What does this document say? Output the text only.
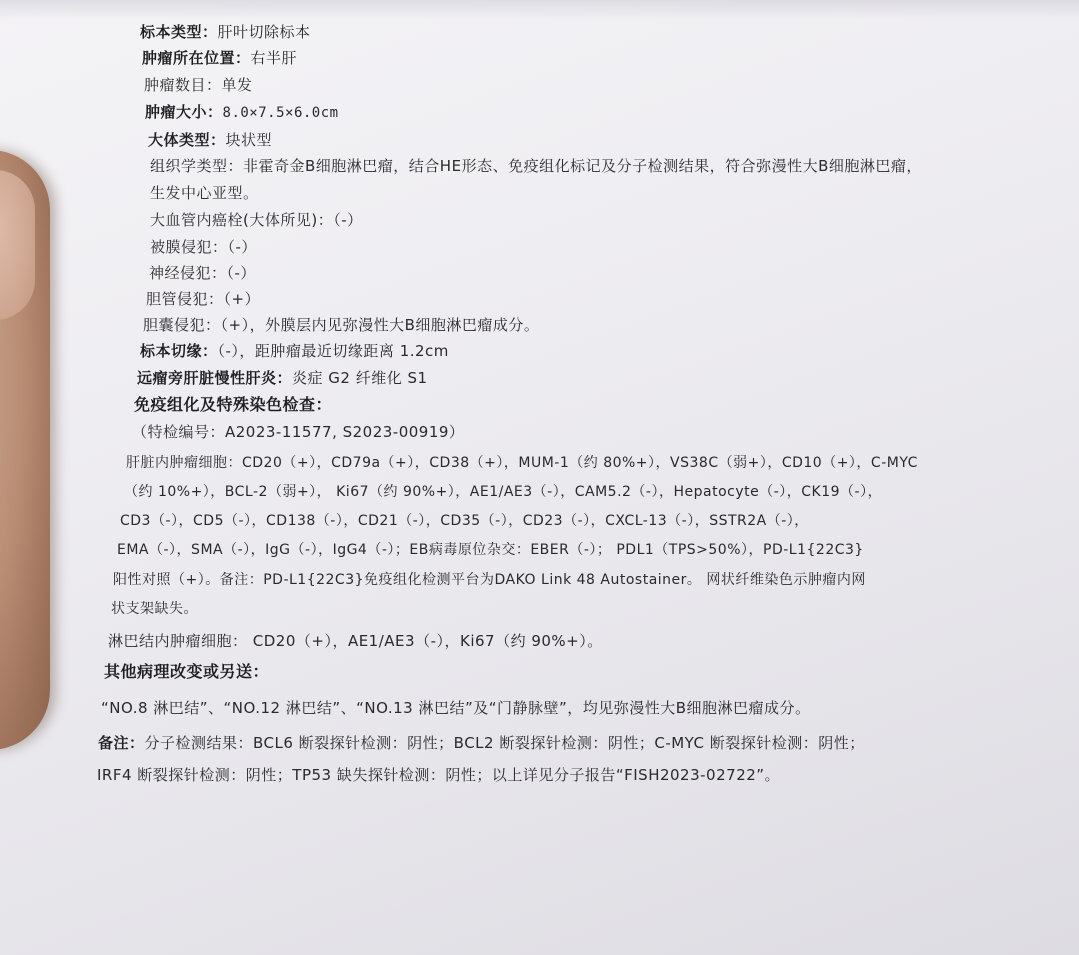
标本类型：肝叶切除标本
肿瘤所在位置：右半肝
肿瘤数目：单发
肿瘤大小：8.0×7.5×6.0cm
大体类型：块状型
组织学类型：非霍奇金B细胞淋巴瘤，结合HE形态、免疫组化标记及分子检测结果，符合弥漫性大B细胞淋巴瘤，
生发中心亚型。
大血管内癌栓(大体所见)：（-）
被膜侵犯：（-）
神经侵犯：（-）
胆管侵犯：（+）
胆囊侵犯：（+），外膜层内见弥漫性大B细胞淋巴瘤成分。
标本切缘：（-），距肿瘤最近切缘距离 1.2cm
远瘤旁肝脏慢性肝炎：炎症 G2 纤维化 S1
免疫组化及特殊染色检查：
（特检编号：A2023-11577, S2023-00919）
肝脏内肿瘤细胞：CD20（+），CD79a（+），CD38（+），MUM-1（约 80%+），VS38C（弱+），CD10（+），C-MYC
（约 10%+），BCL-2（弱+）， Ki67（约 90%+），AE1/AE3（-），CAM5.2（-），Hepatocyte（-），CK19（-），
CD3（-），CD5（-），CD138（-），CD21（-），CD35（-），CD23（-），CXCL-13（-），SSTR2A（-），
EMA（-），SMA（-），IgG（-），IgG4（-）；EB病毒原位杂交：EBER（-）； PDL1（TPS>50%），PD-L1{22C3}
阳性对照（+）。备注：PD-L1{22C3}免疫组化检测平台为DAKO Link 48 Autostainer。 网状纤维染色示肿瘤内网
状支架缺失。
淋巴结内肿瘤细胞： CD20（+），AE1/AE3（-），Ki67（约 90%+）。
其他病理改变或另送：
“NO.8 淋巴结”、“NO.12 淋巴结”、“NO.13 淋巴结”及“门静脉壁”，均见弥漫性大B细胞淋巴瘤成分。
备注：分子检测结果：BCL6 断裂探针检测：阴性；BCL2 断裂探针检测：阴性；C-MYC 断裂探针检测：阴性；
IRF4 断裂探针检测：阴性；TP53 缺失探针检测：阴性；以上详见分子报告“FISH2023-02722”。
